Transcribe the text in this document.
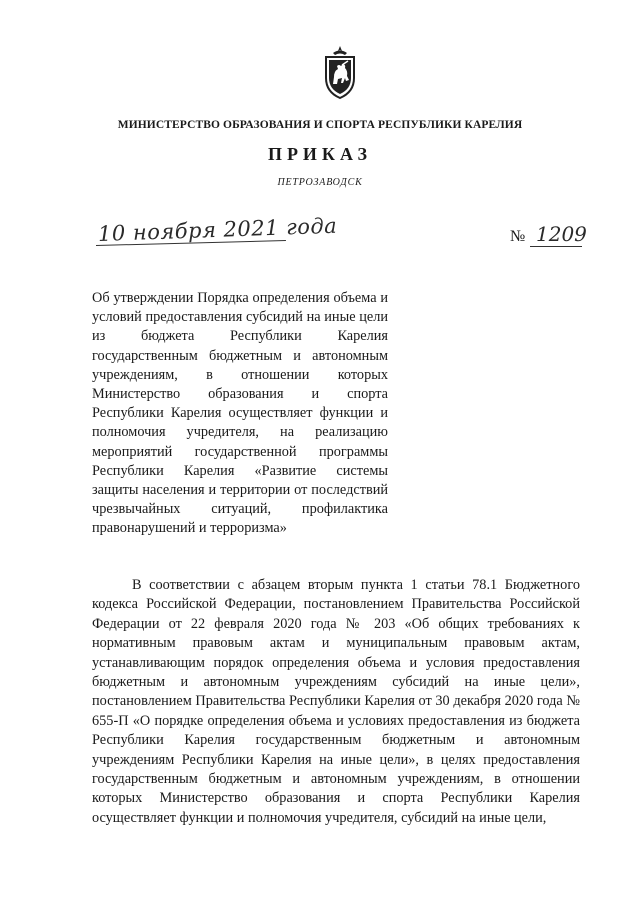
МИНИСТЕРСТВО ОБРАЗОВАНИЯ И СПОРТА РЕСПУБЛИКИ КАРЕЛИЯ
ПРИКАЗ
ПЕТРОЗАВОДСК
10 ноября 2021 года	№ 1209
Об утверждении Порядка определения объема и условий предоставления субсидий на иные цели из бюджета Республики Карелия государственным бюджетным и автономным учреждениям, в отношении которых Министерство образования и спорта Республики Карелия осуществляет функции и полномочия учредителя, на реализацию мероприятий государственной программы Республики Карелия «Развитие системы защиты населения и территории от последствий чрезвычайных ситуаций, профилактика правонарушений и терроризма»
В соответствии с абзацем вторым пункта 1 статьи 78.1 Бюджетного кодекса Российской Федерации, постановлением Правительства Российской Федерации от 22 февраля 2020 года № 203 «Об общих требованиях к нормативным правовым актам и муниципальным правовым актам, устанавливающим порядок определения объема и условия предоставления бюджетным и автономным учреждениям субсидий на иные цели», постановлением Правительства Республики Карелия от 30 декабря 2020 года № 655-П «О порядке определения объема и условиях предоставления из бюджета Республики Карелия государственным бюджетным и автономным учреждениям Республики Карелия на иные цели», в целях предоставления государственным бюджетным и автономным учреждениям, в отношении которых Министерство образования и спорта Республики Карелия осуществляет функции и полномочия учредителя, субсидий на иные цели,
